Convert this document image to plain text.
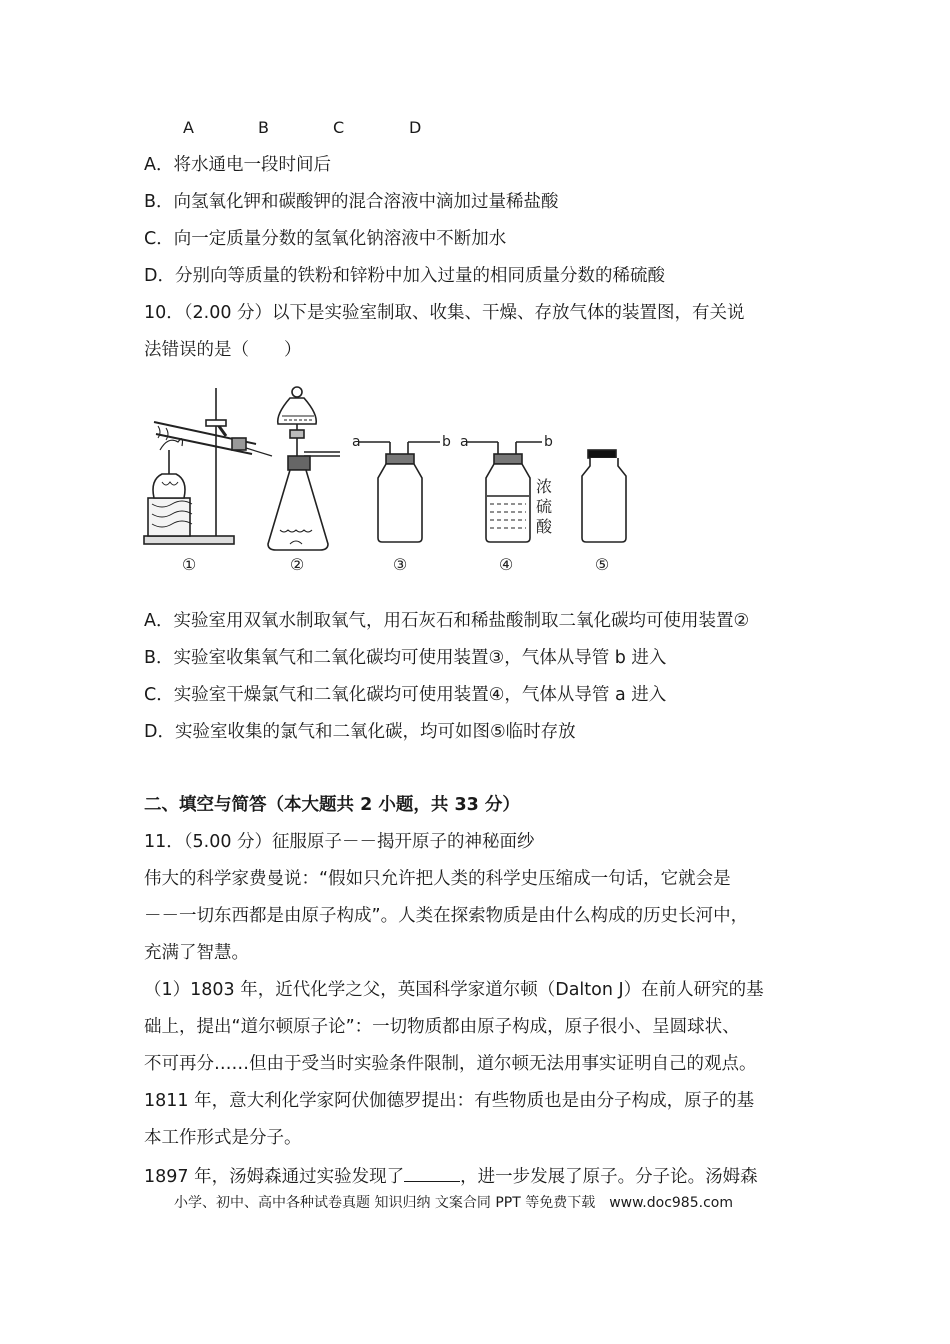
A	B	C	D
A．将水通电一段时间后
B．向氢氧化钾和碳酸钾的混合溶液中滴加过量稀盐酸
C．向一定质量分数的氢氧化钠溶液中不断加水
D．分别向等质量的铁粉和锌粉中加入过量的相同质量分数的稀硫酸
10．（2.00 分）以下是实验室制取、收集、干燥、存放气体的装置图，有关说
法错误的是（　　）
a	b a	b
浓
硫
酸
①	②	③	④	⑤
A．实验室用双氧水制取氧气，用石灰石和稀盐酸制取二氧化碳均可使用装置②
B．实验室收集氧气和二氧化碳均可使用装置③，气体从导管 b 进入
C．实验室干燥氯气和二氧化碳均可使用装置④，气体从导管 a 进入
D．实验室收集的氯气和二氧化碳，均可如图⑤临时存放
二、填空与简答（本大题共 2 小题，共 33 分）
11．（5.00 分）征服原子－－揭开原子的神秘面纱
伟大的科学家费曼说：“假如只允许把人类的科学史压缩成一句话，它就会是
－－一切东西都是由原子构成”。人类在探索物质是由什么构成的历史长河中，
充满了智慧。
（1）1803 年，近代化学之父，英国科学家道尔顿（Dalton J）在前人研究的基
础上，提出“道尔顿原子论”：一切物质都由原子构成，原子很小、呈圆球状、
不可再分……但由于受当时实验条件限制，道尔顿无法用事实证明自己的观点。
1811 年，意大利化学家阿伏伽德罗提出：有些物质也是由分子构成，原子的基
本工作形式是分子。
1897 年，汤姆森通过实验发现了	，进一步发展了原子。分子论。汤姆森
小学、初中、高中各种试卷真题 知识归纳 文案合同 PPT 等免费下载　www.doc985.com
